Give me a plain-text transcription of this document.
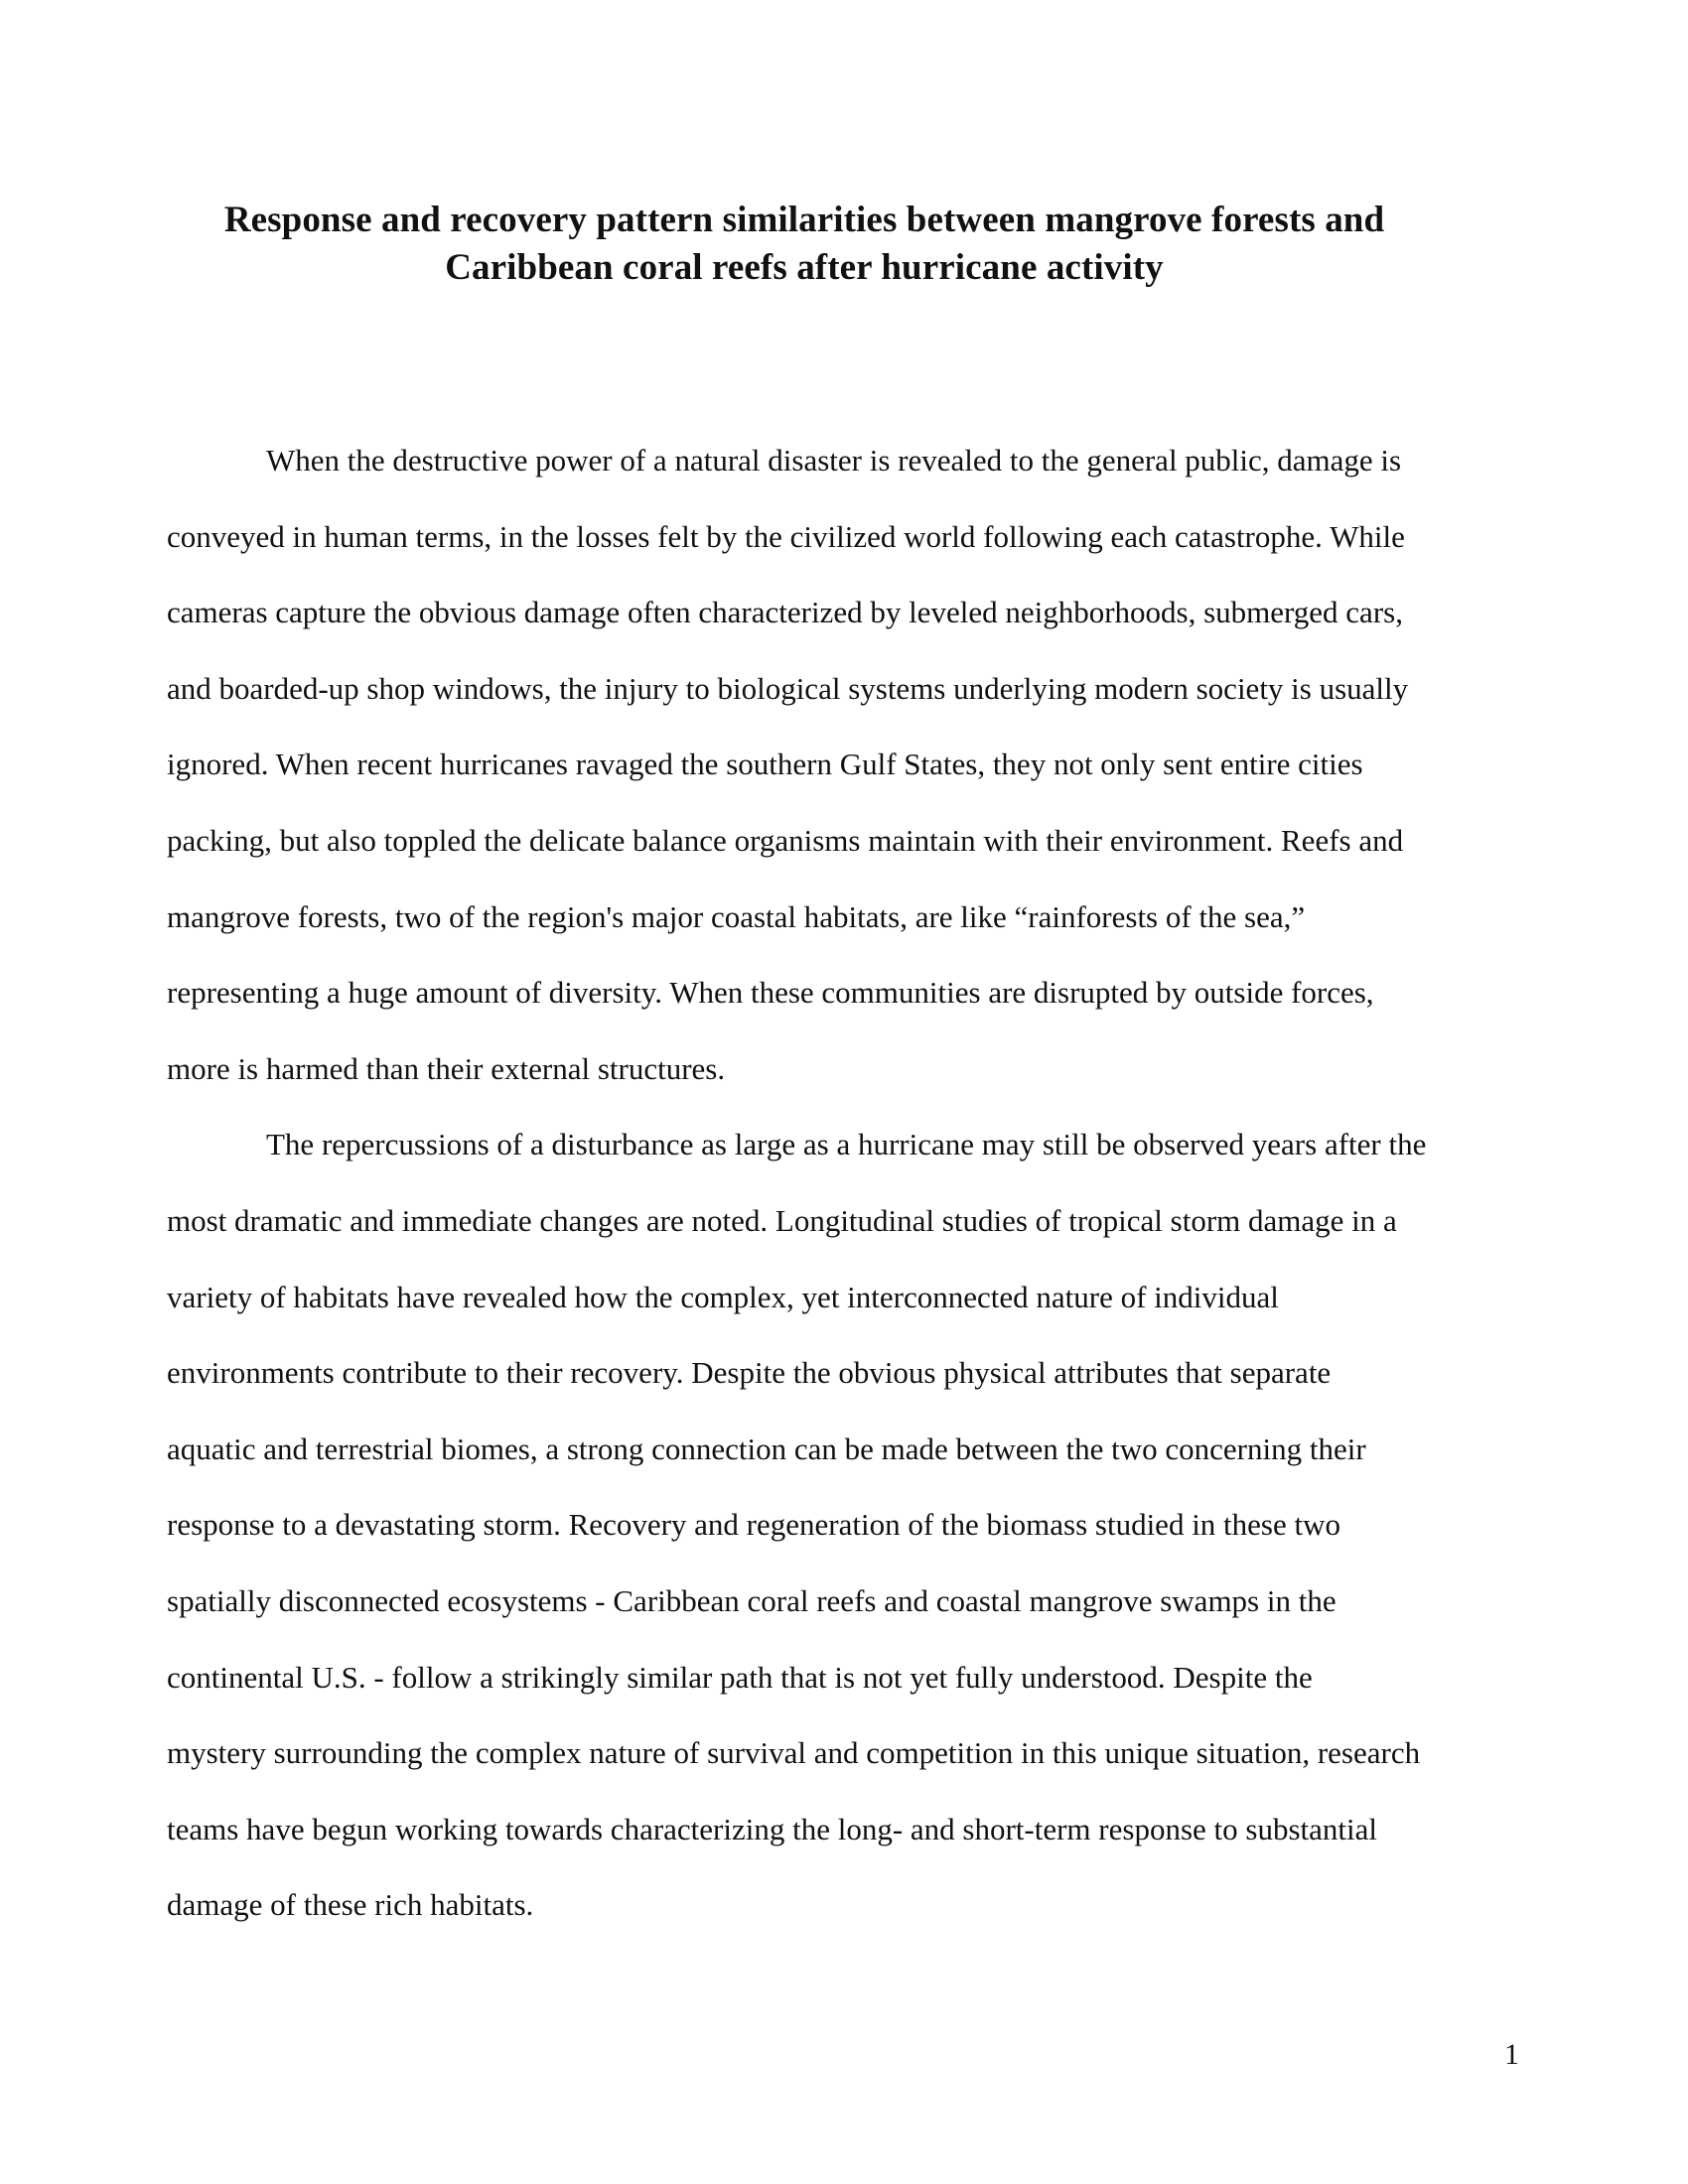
Response and recovery pattern similarities between mangrove forests and
Caribbean coral reefs after hurricane activity
When the destructive power of a natural disaster is revealed to the general public, damage is
conveyed in human terms, in the losses felt by the civilized world following each catastrophe. While
cameras capture the obvious damage often characterized by leveled neighborhoods, submerged cars,
and boarded-up shop windows, the injury to biological systems underlying modern society is usually
ignored. When recent hurricanes ravaged the southern Gulf States, they not only sent entire cities
packing, but also toppled the delicate balance organisms maintain with their environment. Reefs and
mangrove forests, two of the region's major coastal habitats, are like “rainforests of the sea,”
representing a huge amount of diversity. When these communities are disrupted by outside forces,
more is harmed than their external structures.
The repercussions of a disturbance as large as a hurricane may still be observed years after the
most dramatic and immediate changes are noted. Longitudinal studies of tropical storm damage in a
variety of habitats have revealed how the complex, yet interconnected nature of individual
environments contribute to their recovery. Despite the obvious physical attributes that separate
aquatic and terrestrial biomes, a strong connection can be made between the two concerning their
response to a devastating storm. Recovery and regeneration of the biomass studied in these two
spatially disconnected ecosystems - Caribbean coral reefs and coastal mangrove swamps in the
continental U.S. - follow a strikingly similar path that is not yet fully understood. Despite the
mystery surrounding the complex nature of survival and competition in this unique situation, research
teams have begun working towards characterizing the long- and short-term response to substantial
damage of these rich habitats.
1
